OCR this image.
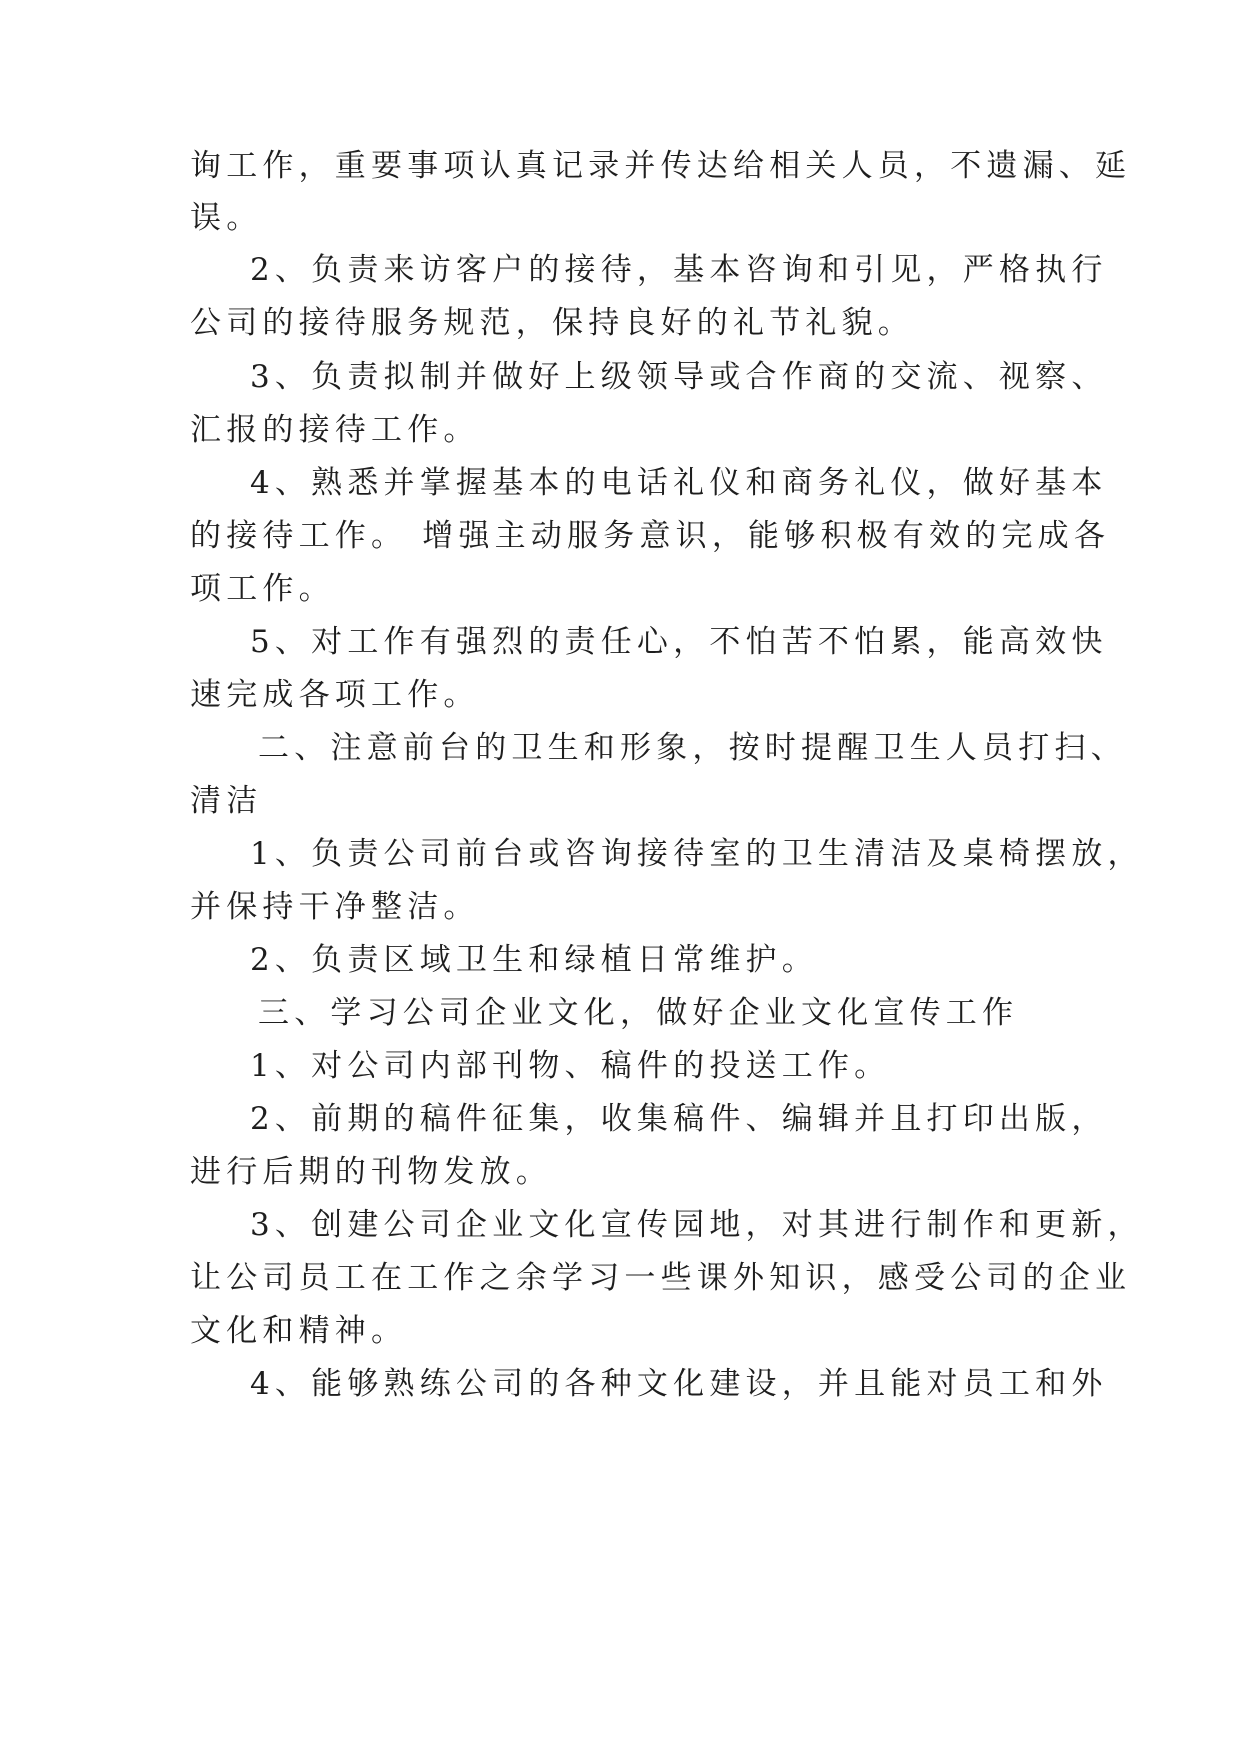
询工作，重要事项认真记录并传达给相关人员，不遗漏、延
误。
2、负责来访客户的接待，基本咨询和引见，严格执行
公司的接待服务规范，保持良好的礼节礼貌。
3、负责拟制并做好上级领导或合作商的交流、视察、
汇报的接待工作。
4、熟悉并掌握基本的电话礼仪和商务礼仪，做好基本
的接待工作。 增强主动服务意识，能够积极有效的完成各
项工作。
5、对工作有强烈的责任心，不怕苦不怕累，能高效快
速完成各项工作。
二、注意前台的卫生和形象，按时提醒卫生人员打扫、
清洁
1、负责公司前台或咨询接待室的卫生清洁及桌椅摆放，
并保持干净整洁。
2、负责区域卫生和绿植日常维护。
三、学习公司企业文化，做好企业文化宣传工作
1、对公司内部刊物、稿件的投送工作。
2、前期的稿件征集，收集稿件、编辑并且打印出版，
进行后期的刊物发放。
3、创建公司企业文化宣传园地，对其进行制作和更新，
让公司员工在工作之余学习一些课外知识，感受公司的企业
文化和精神。
4、能够熟练公司的各种文化建设，并且能对员工和外
